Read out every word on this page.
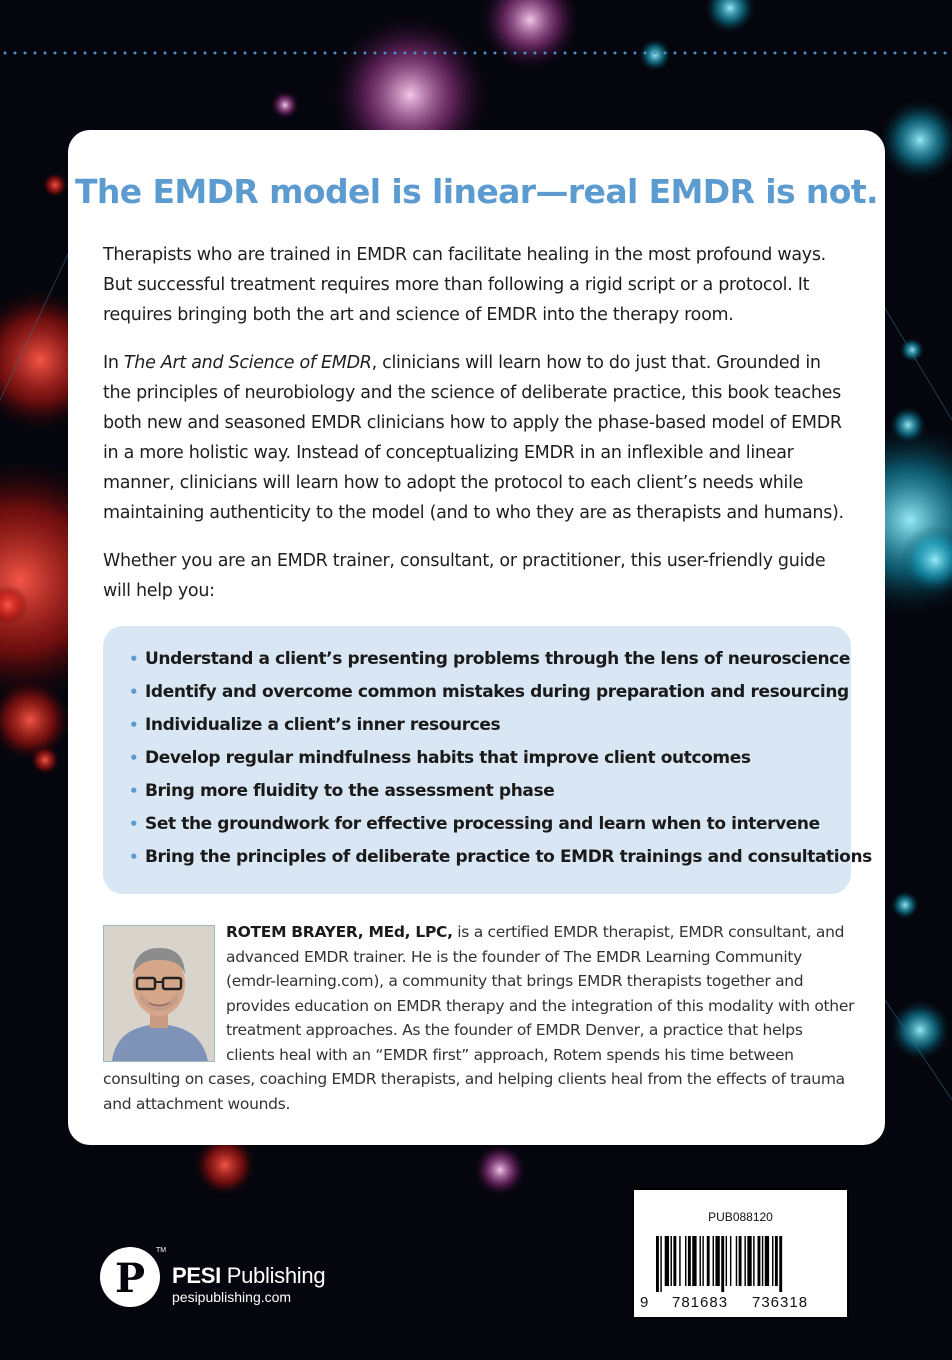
The EMDR model is linear—real EMDR is not.

Therapists who are trained in EMDR can facilitate healing in the most profound ways. But successful treatment requires more than following a rigid script or a protocol. It requires bringing both the art and science of EMDR into the therapy room.

In The Art and Science of EMDR, clinicians will learn how to do just that. Grounded in the principles of neurobiology and the science of deliberate practice, this book teaches both new and seasoned EMDR clinicians how to apply the phase-based model of EMDR in a more holistic way. Instead of conceptualizing EMDR in an inflexible and linear manner, clinicians will learn how to adopt the protocol to each client’s needs while maintaining authenticity to the model (and to who they are as therapists and humans).

Whether you are an EMDR trainer, consultant, or practitioner, this user-friendly guide will help you:

• Understand a client’s presenting problems through the lens of neuroscience
• Identify and overcome common mistakes during preparation and resourcing
• Individualize a client’s inner resources
• Develop regular mindfulness habits that improve client outcomes
• Bring more fluidity to the assessment phase
• Set the groundwork for effective processing and learn when to intervene
• Bring the principles of deliberate practice to EMDR trainings and consultations

ROTEM BRAYER, MEd, LPC, is a certified EMDR therapist, EMDR consultant, and advanced EMDR trainer. He is the founder of The EMDR Learning Community (emdr-learning.com), a community that brings EMDR therapists together and provides education on EMDR therapy and the integration of this modality with other treatment approaches. As the founder of EMDR Denver, a practice that helps clients heal with an “EMDR first” approach, Rotem spends his time between consulting on cases, coaching EMDR therapists, and helping clients heal from the effects of trauma and attachment wounds.

P
TM
PESI Publishing
pesipublishing.com
PUB088120
9 781683 736318
